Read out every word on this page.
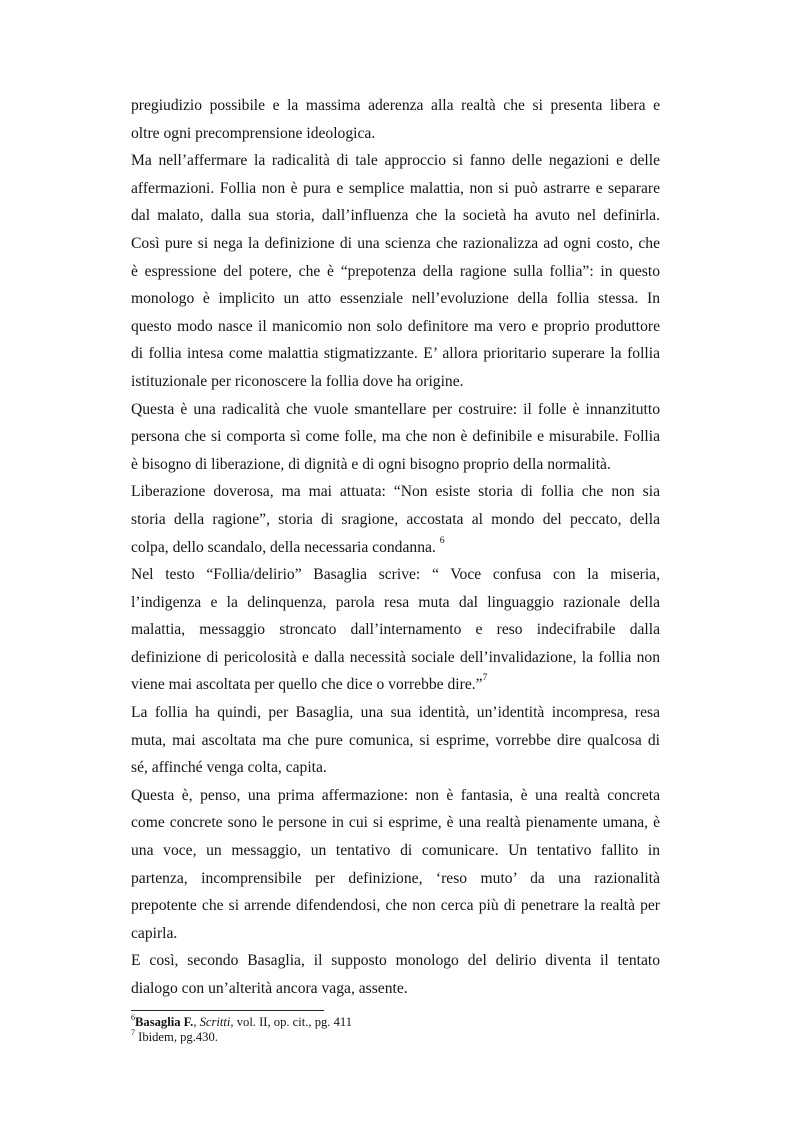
pregiudizio possibile e la massima aderenza alla realtà che si presenta libera e
oltre ogni precomprensione ideologica.
Ma nell’affermare la radicalità di tale approccio si fanno delle negazioni e delle
affermazioni. Follia non è pura e semplice malattia, non si può astrarre e separare
dal malato, dalla sua storia, dall’influenza che la società ha avuto nel definirla.
Così pure si nega la definizione di una scienza che razionalizza ad ogni costo, che
è espressione del potere, che è “prepotenza della ragione sulla follia”: in questo
monologo è implicito un atto essenziale nell’evoluzione della follia stessa. In
questo modo nasce il manicomio non solo definitore ma vero e proprio produttore
di follia intesa come malattia stigmatizzante. E’ allora prioritario superare la follia
istituzionale per riconoscere la follia dove ha origine.
Questa è una radicalità che vuole smantellare per costruire: il folle è innanzitutto
persona che si comporta sì come folle, ma che non è definibile e misurabile. Follia
è bisogno di liberazione, di dignità e di ogni bisogno proprio della normalità.
Liberazione doverosa, ma mai attuata: “Non esiste storia di follia che non sia
storia della ragione”, storia di sragione, accostata al mondo del peccato, della
colpa, dello scandalo, della necessaria condanna. $^6$
Nel testo “Follia/delirio” Basaglia scrive: “ Voce confusa con la miseria,
l’indigenza e la delinquenza, parola resa muta dal linguaggio razionale della
malattia, messaggio stroncato dall’internamento e reso indecifrabile dalla
definizione di pericolosità e dalla necessità sociale dell’invalidazione, la follia non
viene mai ascoltata per quello che dice o vorrebbe dire.”$^7$
La follia ha quindi, per Basaglia, una sua identità, un’identità incompresa, resa
muta, mai ascoltata ma che pure comunica, si esprime, vorrebbe dire qualcosa di
sé, affinché venga colta, capita.
Questa è, penso, una prima affermazione: non è fantasia, è una realtà concreta
come concrete sono le persone in cui si esprime, è una realtà pienamente umana, è
una voce, un messaggio, un tentativo di comunicare. Un tentativo fallito in
partenza, incomprensibile per definizione, ‘reso muto’ da una razionalità
prepotente che si arrende difendendosi, che non cerca più di penetrare la realtà per
capirla.
E così, secondo Basaglia, il supposto monologo del delirio diventa il tentato
dialogo con un’alterità ancora vaga, assente.
$^6$Basaglia F., Scritti, vol. II, op. cit., pg. 411
$^7$ Ibidem, pg.430.
